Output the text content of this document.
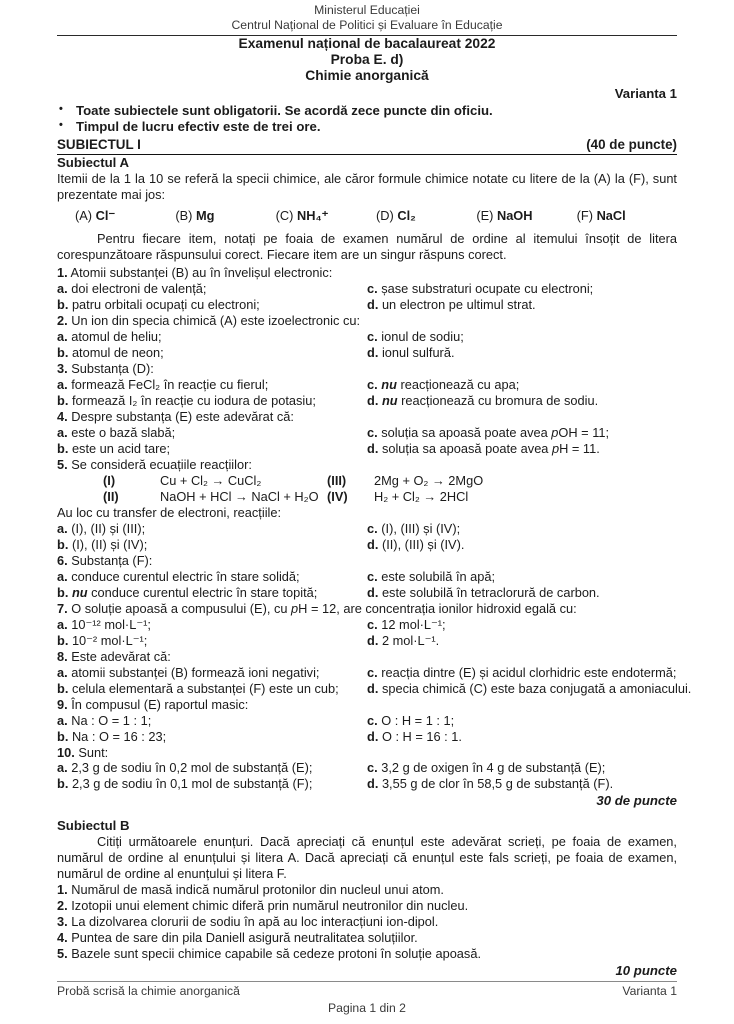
Ministerul Educației
Centrul Național de Politici și Evaluare în Educație
Examenul național de bacalaureat 2022
Proba E. d)
Chimie anorganică
Varianta 1
• Toate subiectele sunt obligatorii. Se acordă zece puncte din oficiu.
• Timpul de lucru efectiv este de trei ore.
SUBIECTUL I	(40 de puncte)
Subiectul A
Itemii de la 1 la 10 se referă la specii chimice, ale căror formule chimice notate cu litere de la (A) la (F), sunt prezentate mai jos:
(A) Cl⁻	(B) Mg	(C) NH₄⁺	(D) Cl₂	(E) NaOH	(F) NaCl
Pentru fiecare item, notați pe foaia de examen numărul de ordine al itemului însoțit de litera corespunzătoare răspunsului corect. Fiecare item are un singur răspuns corect.
1. Atomii substanței (B) au în învelișul electronic:
a. doi electroni de valență;	c. șase substraturi ocupate cu electroni;
b. patru orbitali ocupați cu electroni;	d. un electron pe ultimul strat.
2. Un ion din specia chimică (A) este izoelectronic cu:
a. atomul de heliu;	c. ionul de sodiu;
b. atomul de neon;	d. ionul sulfură.
3. Substanța (D):
a. formează FeCl₂ în reacție cu fierul;	c. nu reacționează cu apa;
b. formează I₂ în reacție cu iodura de potasiu;	d. nu reacționează cu bromura de sodiu.
4. Despre substanța (E) este adevărat că:
a. este o bază slabă;	c. soluția sa apoasă poate avea pOH = 11;
b. este un acid tare;	d. soluția sa apoasă poate avea pH = 11.
5. Se consideră ecuațiile reacțiilor:
(I)	Cu + Cl₂ → CuCl₂	(III)	2Mg + O₂ → 2MgO
(II)	NaOH + HCl → NaCl + H₂O (IV)	H₂ + Cl₂ → 2HCl
Au loc cu transfer de electroni, reacțiile:
a. (I), (II) și (III);	c. (I), (III) și (IV);
b. (I), (II) și (IV);	d. (II), (III) și (IV).
6. Substanța (F):
a. conduce curentul electric în stare solidă;	c. este solubilă în apă;
b. nu conduce curentul electric în stare topită;	d. este solubilă în tetraclorură de carbon.
7. O soluție apoasă a compusului (E), cu pH = 12, are concentrația ionilor hidroxid egală cu:
a. 10⁻¹² mol·L⁻¹;	c. 12 mol·L⁻¹;
b. 10⁻² mol·L⁻¹;	d. 2 mol·L⁻¹.
8. Este adevărat că:
a. atomii substanței (B) formează ioni negativi;	c. reacția dintre (E) și acidul clorhidric este endotermă;
b. celula elementară a substanței (F) este un cub;	d. specia chimică (C) este baza conjugată a amoniacului.
9. În compusul (E) raportul masic:
a. Na : O = 1 : 1;	c. O : H = 1 : 1;
b. Na : O = 16 : 23;	d. O : H = 16 : 1.
10. Sunt:
a. 2,3 g de sodiu în 0,2 mol de substanță (E);	c. 3,2 g de oxigen în 4 g de substanță (E);
b. 2,3 g de sodiu în 0,1 mol de substanță (F);	d. 3,55 g de clor în 58,5 g de substanță (F).
30 de puncte
Subiectul B
Citiți următoarele enunțuri. Dacă apreciați că enunțul este adevărat scrieți, pe foaia de examen, numărul de ordine al enunțului și litera A. Dacă apreciați că enunțul este fals scrieți, pe foaia de examen, numărul de ordine al enunțului și litera F.
1. Numărul de masă indică numărul protonilor din nucleul unui atom.
2. Izotopii unui element chimic diferă prin numărul neutronilor din nucleu.
3. La dizolvarea clorurii de sodiu în apă au loc interacțiuni ion-dipol.
4. Puntea de sare din pila Daniell asigură neutralitatea soluțiilor.
5. Bazele sunt specii chimice capabile să cedeze protoni în soluție apoasă.
10 puncte
Probă scrisă la chimie anorganică	Varianta 1
Pagina 1 din 2
